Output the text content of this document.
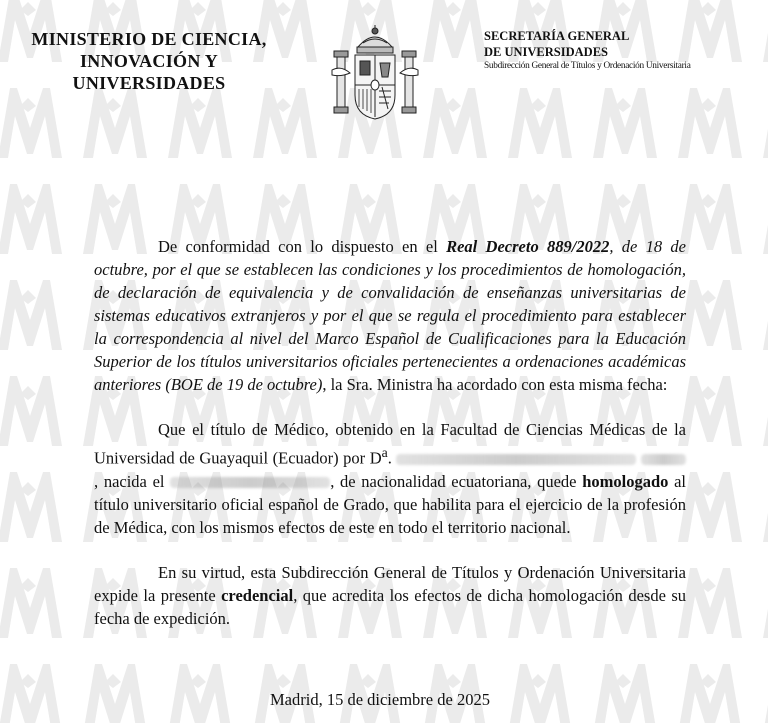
MINISTERIO DE CIENCIA,
INNOVACIÓN Y
UNIVERSIDADES
SECRETARÍA GENERAL
DE UNIVERSIDADES
Subdirección General de Títulos y Ordenación Universitaria

De conformidad con lo dispuesto en el Real Decreto 889/2022, de 18 de octubre, por el que se establecen las condiciones y los procedimientos de homologación, de declaración de equivalencia y de convalidación de enseñanzas universitarias de sistemas educativos extranjeros y por el que se regula el procedimiento para establecer la correspondencia al nivel del Marco Español de Cualificaciones para la Educación Superior de los títulos universitarios oficiales pertenecientes a ordenaciones académicas anteriores (BOE de 19 de octubre), la Sra. Ministra ha acordado con esta misma fecha:

Que el título de Médico, obtenido en la Facultad de Ciencias Médicas de la Universidad de Guayaquil (Ecuador) por $D^a$.  , nacida el	, de nacionalidad ecuatoriana, quede homologado al título universitario oficial español de Grado, que habilita para el ejercicio de la profesión de Médica, con los mismos efectos de este en todo el territorio nacional.

En su virtud, esta Subdirección General de Títulos y Ordenación Universitaria expide la presente credencial, que acredita los efectos de dicha homologación desde su fecha de expedición.

Madrid, 15 de diciembre de 2025
